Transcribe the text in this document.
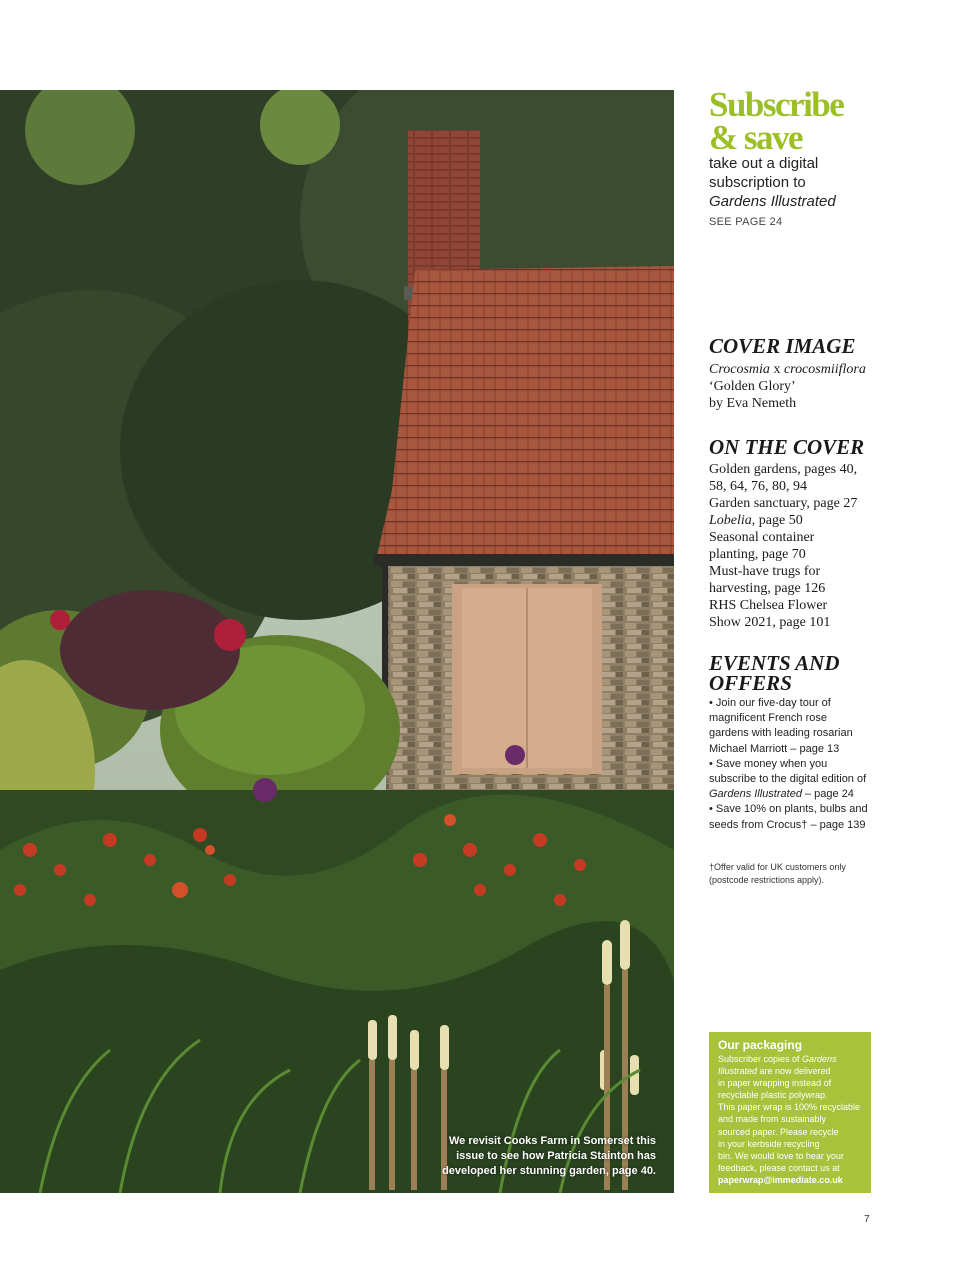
We revisit Cooks Farm in Somerset this
issue to see how Patricia Stainton has
developed her stunning garden, page 40.
Subscribe
& save
take out a digital
subscription to
Gardens Illustrated
SEE PAGE 24
COVER IMAGE
Crocosmia x crocosmiiflora
‘Golden Glory’
by Eva Nemeth
ON THE COVER
Golden gardens, pages 40,
58, 64, 76, 80, 94
Garden sanctuary, page 27
Lobelia, page 50
Seasonal container
planting, page 70
Must-have trugs for
harvesting, page 126
RHS Chelsea Flower
Show 2021, page 101
EVENTS AND
OFFERS

• Join our five-day tour of
magnificent French rose
gardens with leading rosarian
Michael Marriott – page 13

• Save money when you
subscribe to the digital edition of
Gardens Illustrated – page 24

• Save 10% on plants, bulbs and
seeds from Crocus† – page 139

†Offer valid for UK customers only
(postcode restrictions apply).
Our packaging
Subscriber copies of Gardens
Illustrated are now delivered
in paper wrapping instead of
recyclable plastic polywrap.
This paper wrap is 100% recyclable
and made from sustainably
sourced paper. Please recycle
in your kerbside recycling
bin. We would love to hear your
feedback, please contact us at
paperwrap@immediate.co.uk
7
